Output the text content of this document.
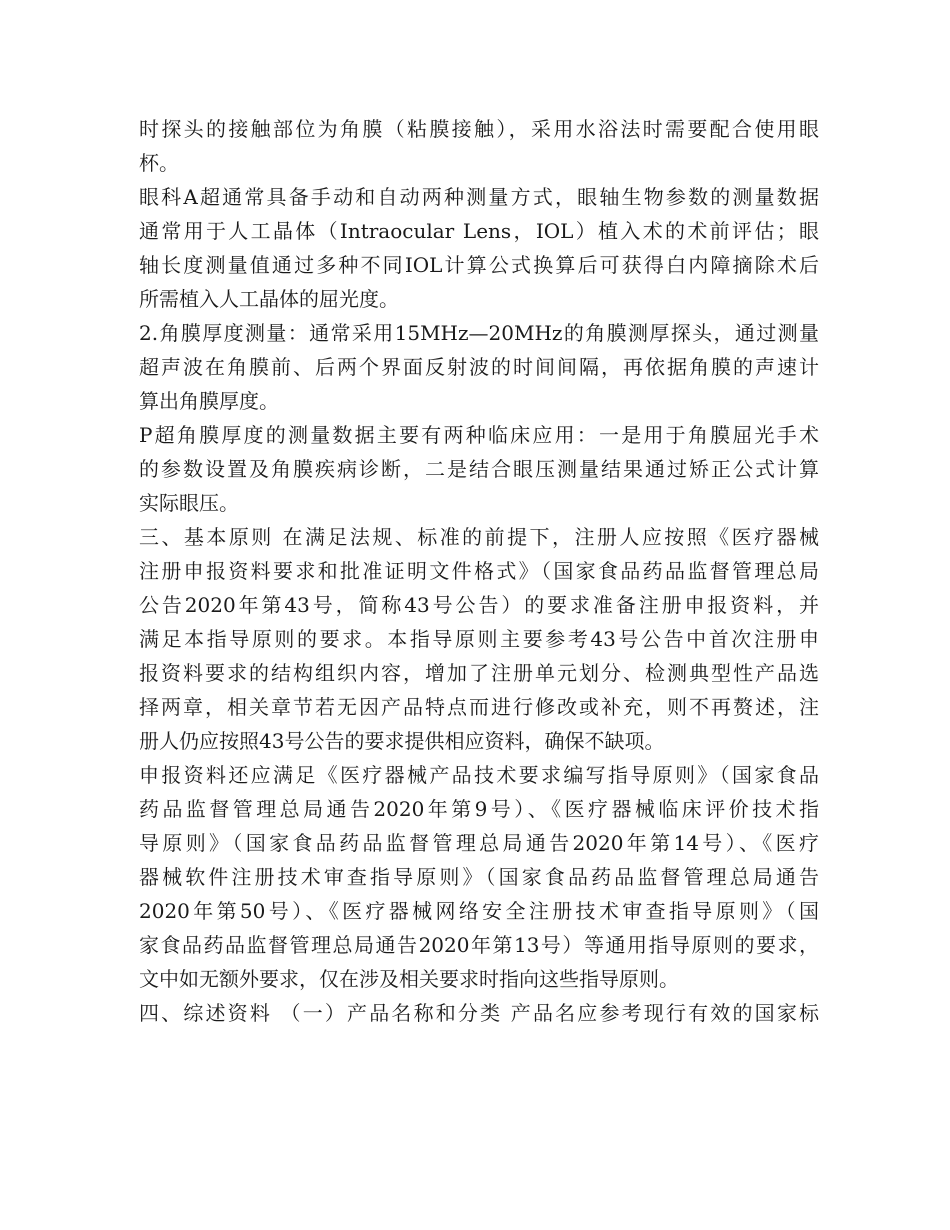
时探头的接触部位为角膜（粘膜接触），采用水浴法时需要配合使用眼
杯。
眼科A超通常具备手动和自动两种测量方式，眼轴生物参数的测量数据
通常用于人工晶体（Intraocular Lens，IOL）植入术的术前评估；眼
轴长度测量值通过多种不同IOL计算公式换算后可获得白内障摘除术后
所需植入人工晶体的屈光度。
2.角膜厚度测量：通常采用15MHz—20MHz的角膜测厚探头，通过测量
超声波在角膜前、后两个界面反射波的时间间隔，再依据角膜的声速计
算出角膜厚度。
P超角膜厚度的测量数据主要有两种临床应用：一是用于角膜屈光手术
的参数设置及角膜疾病诊断，二是结合眼压测量结果通过矫正公式计算
实际眼压。
三、基本原则 在满足法规、标准的前提下，注册人应按照《医疗器械
注册申报资料要求和批准证明文件格式》（国家食品药品监督管理总局
公告2020年第43号，简称43号公告）的要求准备注册申报资料，并
满足本指导原则的要求。本指导原则主要参考43号公告中首次注册申
报资料要求的结构组织内容，增加了注册单元划分、检测典型性产品选
择两章，相关章节若无因产品特点而进行修改或补充，则不再赘述，注
册人仍应按照43号公告的要求提供相应资料，确保不缺项。
申报资料还应满足《医疗器械产品技术要求编写指导原则》（国家食品
药品监督管理总局通告2020年第9号）、《医疗器械临床评价技术指
导原则》（国家食品药品监督管理总局通告2020年第14号）、《医疗
器械软件注册技术审查指导原则》（国家食品药品监督管理总局通告
2020年第50号）、《医疗器械网络安全注册技术审查指导原则》（国
家食品药品监督管理总局通告2020年第13号）等通用指导原则的要求，
文中如无额外要求，仅在涉及相关要求时指向这些指导原则。
四、综述资料 （一）产品名称和分类 产品名应参考现行有效的国家标
